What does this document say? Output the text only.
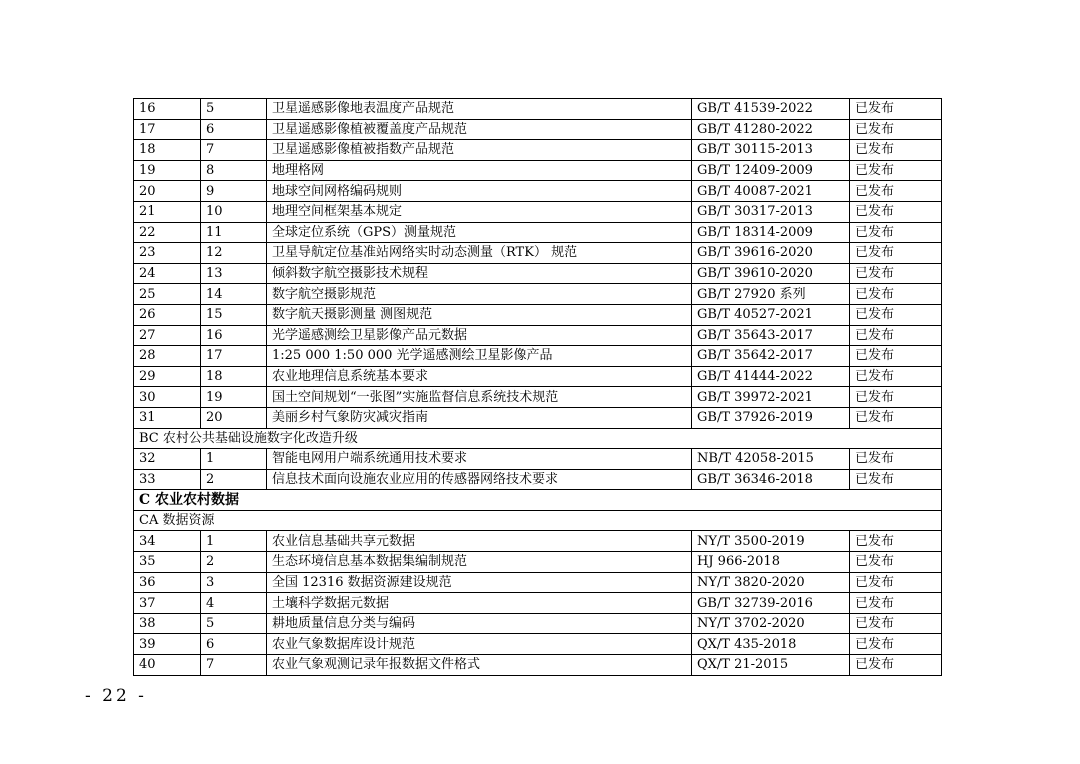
16	5	卫星遥感影像地表温度产品规范	GB/T 41539-2022	已发布
17	6	卫星遥感影像植被覆盖度产品规范	GB/T 41280-2022	已发布
18	7	卫星遥感影像植被指数产品规范	GB/T 30115-2013	已发布
19	8	地理格网	GB/T 12409-2009	已发布
20	9	地球空间网格编码规则	GB/T 40087-2021	已发布
21	10	地理空间框架基本规定	GB/T 30317-2013	已发布
22	11	全球定位系统（GPS）测量规范	GB/T 18314-2009	已发布
23	12	卫星导航定位基准站网络实时动态测量（RTK） 规范	GB/T 39616-2020	已发布
24	13	倾斜数字航空摄影技术规程	GB/T 39610-2020	已发布
25	14	数字航空摄影规范	GB/T 27920 系列	已发布
26	15	数字航天摄影测量 测图规范	GB/T 40527-2021	已发布
27	16	光学遥感测绘卫星影像产品元数据	GB/T 35643-2017	已发布
28	17	1:25 000 1:50 000 光学遥感测绘卫星影像产品	GB/T 35642-2017	已发布
29	18	农业地理信息系统基本要求	GB/T 41444-2022	已发布
30	19	国土空间规划“一张图”实施监督信息系统技术规范	GB/T 39972-2021	已发布
31	20	美丽乡村气象防灾减灾指南	GB/T 37926-2019	已发布
BC 农村公共基础设施数字化改造升级				
32	1	智能电网用户端系统通用技术要求	NB/T 42058-2015	已发布
33	2	信息技术面向设施农业应用的传感器网络技术要求	GB/T 36346-2018	已发布
C 农业农村数据				
CA 数据资源				
34	1	农业信息基础共享元数据	NY/T 3500-2019	已发布
35	2	生态环境信息基本数据集编制规范	HJ 966-2018	已发布
36	3	全国 12316 数据资源建设规范	NY/T 3820-2020	已发布
37	4	土壤科学数据元数据	GB/T 32739-2016	已发布
38	5	耕地质量信息分类与编码	NY/T 3702-2020	已发布
39	6	农业气象数据库设计规范	QX/T 435-2018	已发布
40	7	农业气象观测记录年报数据文件格式	QX/T 21-2015	已发布
- 22 -
